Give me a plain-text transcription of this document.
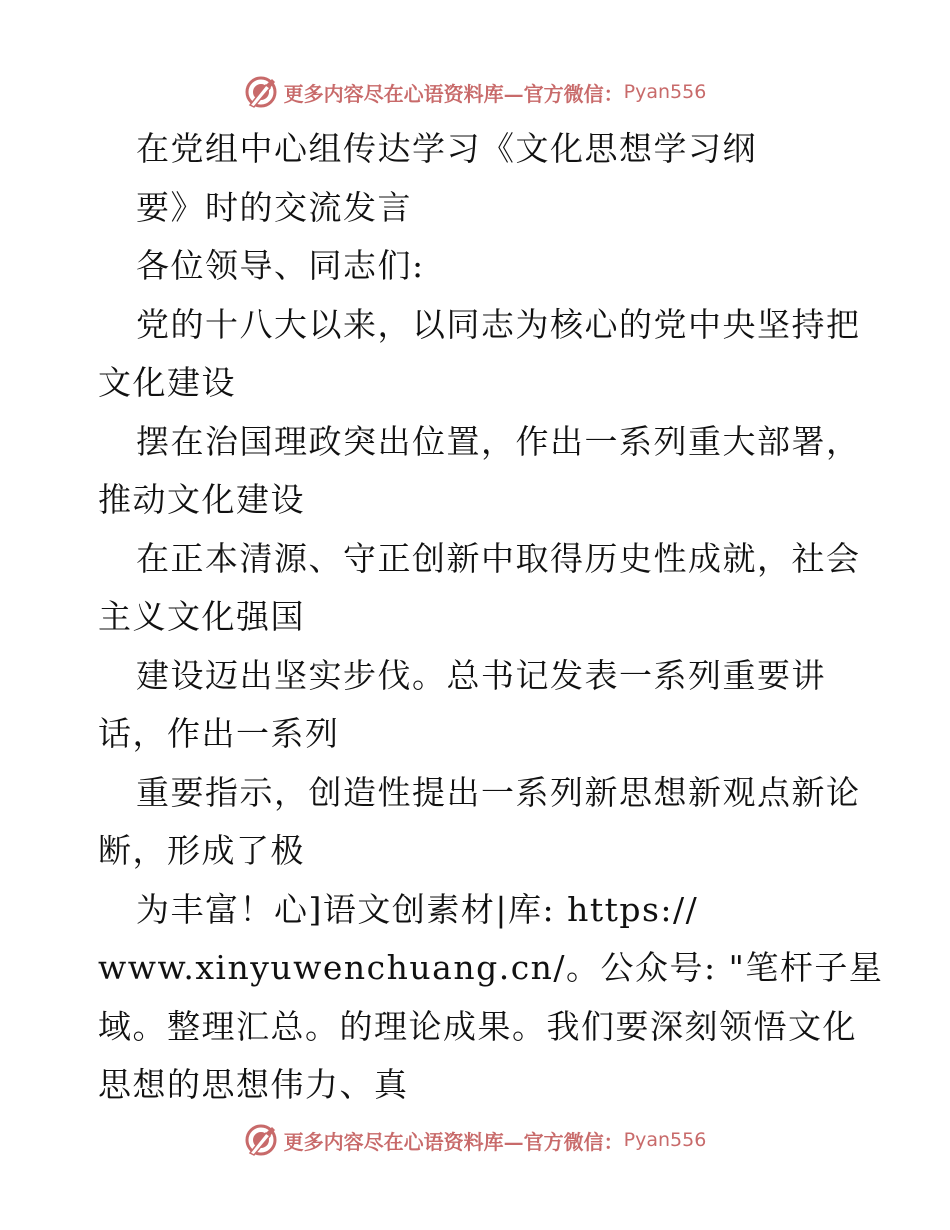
更多内容尽在心语资料库—官方微信： Pyan556
在党组中心组传达学习《文化思想学习纲
要》时的交流发言
各位领导、同志们:
党的十八大以来，以同志为核心的党中央坚持把
文化建设
摆在治国理政突出位置，作出一系列重大部署，
推动文化建设
在正本清源、守正创新中取得历史性成就，社会
主义文化强国
建设迈出坚实步伐。总书记发表一系列重要讲
话，作出一系列
重要指示，创造性提出一系列新思想新观点新论
断，形成了极
为丰富！心]语文创素材|库: https://
www.xinyuwenchuang.cn/。公众号: "笔杆子星
域。整理汇总。的理论成果。我们要深刻领悟文化
思想的思想伟力、真
更多内容尽在心语资料库—官方微信： Pyan556
